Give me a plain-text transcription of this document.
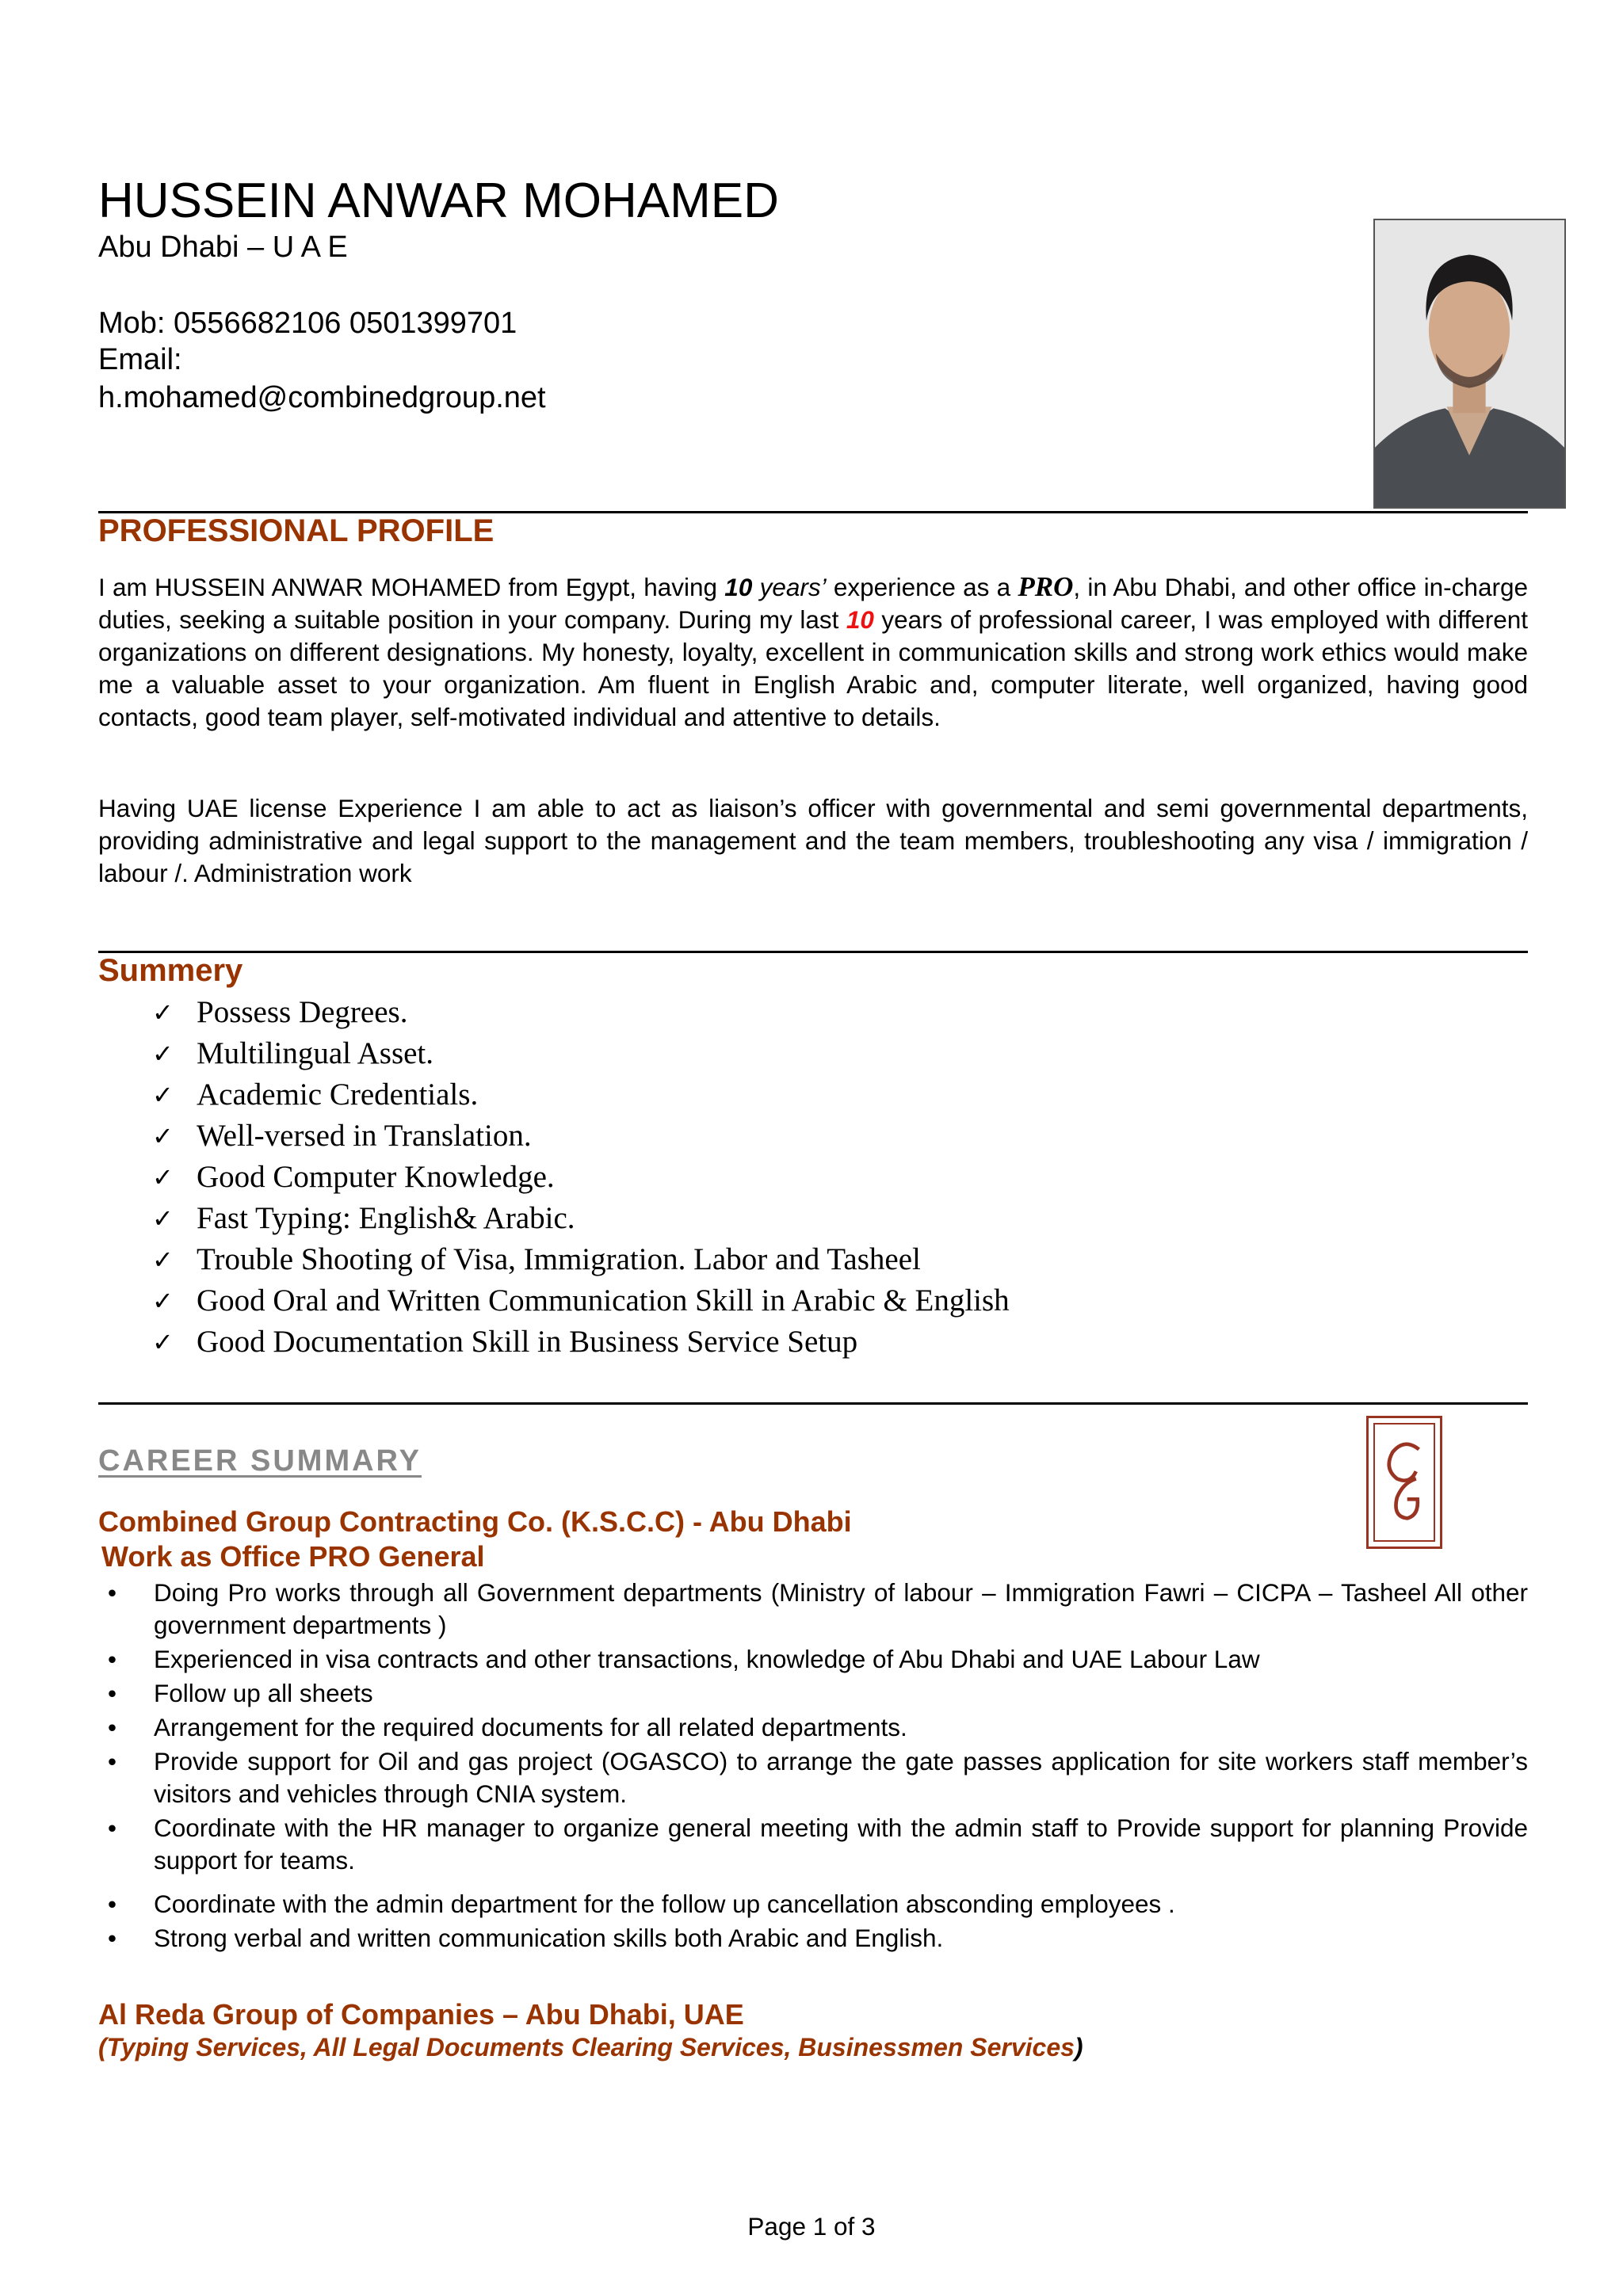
HUSSEIN ANWAR MOHAMED
Abu Dhabi – U A E
Mob: 0556682106 0501399701
Email:
h.mohamed@combinedgroup.net
PROFESSIONAL PROFILE

I am HUSSEIN ANWAR MOHAMED from Egypt, having 10 years’ experience as a PRO, in Abu Dhabi, and other office in-charge duties, seeking a suitable position in your company. During my last 10 years of professional career, I was employed with different organizations on different designations. My honesty, loyalty, excellent in communication skills and strong work ethics would make me a valuable asset to your organization. Am fluent in English Arabic and, computer literate, well organized, having good contacts, good team player, self-motivated individual and attentive to details.

Having UAE license Experience I am able to act as liaison’s officer with governmental and semi governmental departments, providing administrative and legal support to the management and the team members, troubleshooting any visa / immigration / labour /. Administration work

Summery
✓ Possess Degrees.
✓ Multilingual Asset.
✓ Academic Credentials.
✓ Well-versed in Translation.
✓ Good Computer Knowledge.
✓ Fast Typing: English& Arabic.
✓ Trouble Shooting of Visa, Immigration. Labor and Tasheel
✓ Good Oral and Written Communication Skill in Arabic & English
✓ Good Documentation Skill in Business Service Setup
CAREER SUMMARY
Combined Group Contracting Co. (K.S.C.C) - Abu Dhabi
Work as Office PRO General
• Doing Pro works through all Government departments (Ministry of labour – Immigration Fawri – CICPA – Tasheel All other government departments )
• Experienced in visa contracts and other transactions, knowledge of Abu Dhabi and UAE Labour Law
• Follow up all sheets
• Arrangement for the required documents for all related departments.
• Provide support for Oil and gas project (OGASCO) to arrange the gate passes application for site workers staff member’s visitors and vehicles through CNIA system.
• Coordinate with the HR manager to organize general meeting with the admin staff to Provide support for planning Provide support for teams.
• Coordinate with the admin department for the follow up cancellation absconding employees .
• Strong verbal and written communication skills both Arabic and English.
Al Reda Group of Companies – Abu Dhabi, UAE
(Typing Services, All Legal Documents Clearing Services, Businessmen Services)
Page 1 of 3
